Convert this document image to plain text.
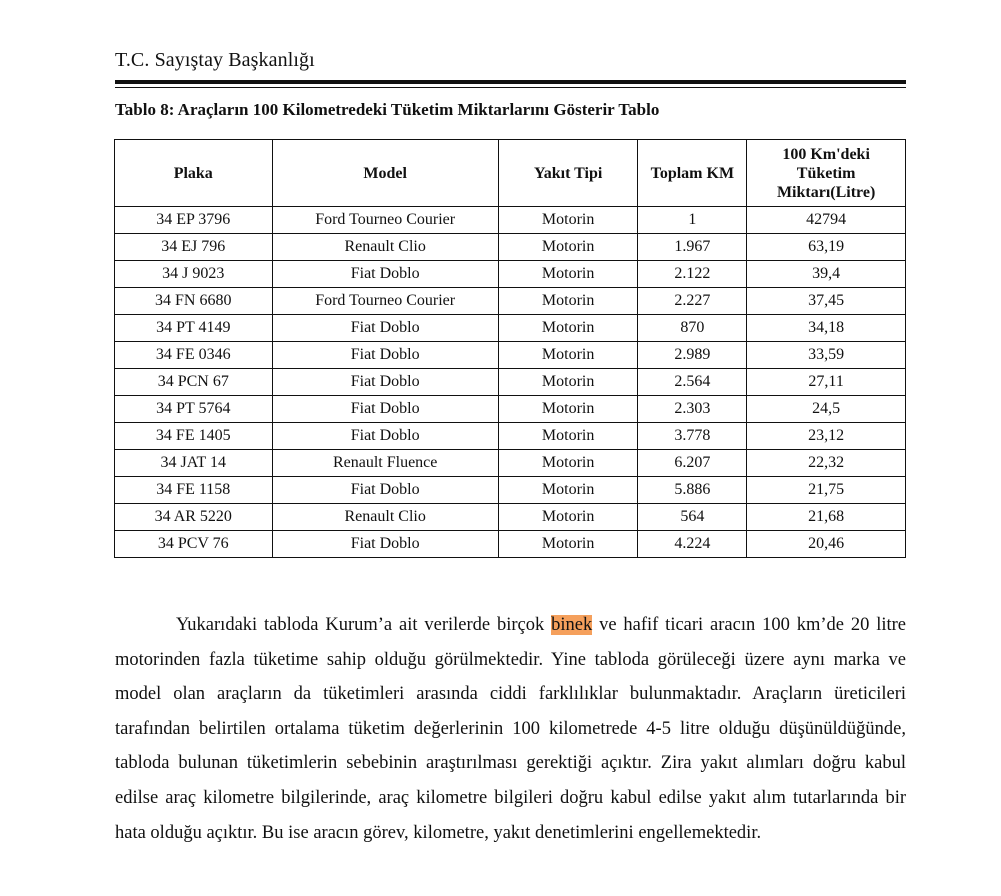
T.C. Sayıştay Başkanlığı
Tablo 8: Araçların 100 Kilometredeki Tüketim Miktarlarını Gösterir Tablo
Plaka	Model	Yakıt Tipi	Toplam KM	100 Km'deki
Tüketim
Miktarı(Litre)
34 EP 3796	Ford Tourneo Courier	Motorin	1	42794
34 EJ 796	Renault Clio	Motorin	1.967	63,19
34 J 9023	Fiat Doblo	Motorin	2.122	39,4
34 FN 6680	Ford Tourneo Courier	Motorin	2.227	37,45
34 PT 4149	Fiat Doblo	Motorin	870	34,18
34 FE 0346	Fiat Doblo	Motorin	2.989	33,59
34 PCN 67	Fiat Doblo	Motorin	2.564	27,11
34 PT 5764	Fiat Doblo	Motorin	2.303	24,5
34 FE 1405	Fiat Doblo	Motorin	3.778	23,12
34 JAT 14	Renault Fluence	Motorin	6.207	22,32
34 FE 1158	Fiat Doblo	Motorin	5.886	21,75
34 AR 5220	Renault Clio	Motorin	564	21,68
34 PCV 76	Fiat Doblo	Motorin	4.224	20,46

Yukarıdaki tabloda Kurum’a ait verilerde birçok binek ve hafif ticari aracın 100 km’de 20 litre motorinden fazla tüketime sahip olduğu görülmektedir. Yine tabloda görüleceği üzere aynı marka ve model olan araçların da tüketimleri arasında ciddi farklılıklar bulunmaktadır. Araçların üreticileri tarafından belirtilen ortalama tüketim değerlerinin 100 kilometrede 4-5 litre olduğu düşünüldüğünde, tabloda bulunan tüketimlerin sebebinin araştırılması gerektiği açıktır. Zira yakıt alımları doğru kabul edilse araç kilometre bilgilerinde, araç kilometre bilgileri doğru kabul edilse yakıt alım tutarlarında bir hata olduğu açıktır. Bu ise aracın görev, kilometre, yakıt denetimlerini engellemektedir.
